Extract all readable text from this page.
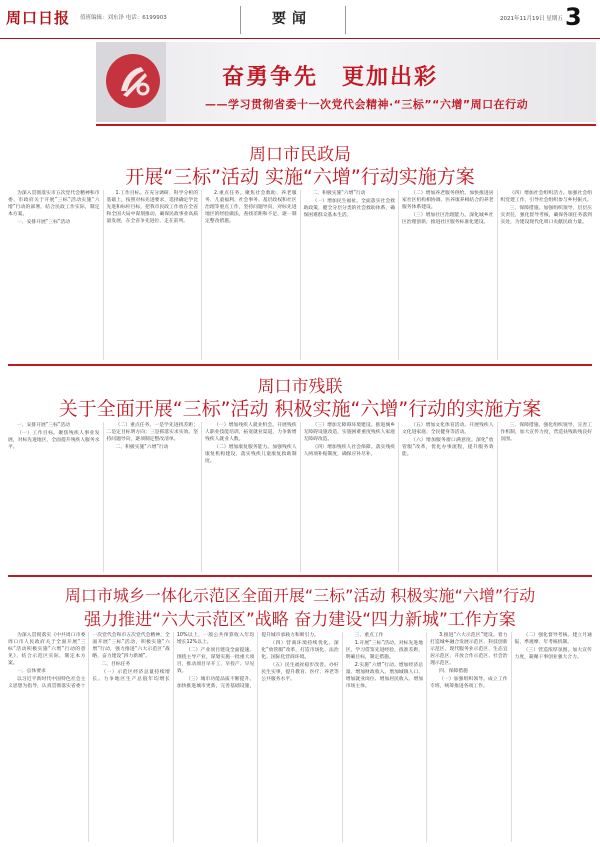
周口日报 值班编辑：刘东泽 电话：6199903	要闻	2021年11月19日 星期五 3
奋勇争先　更加出彩
——学习贯彻省委十一次党代会精神·“三标”“六增”周口在行动
周口市民政局
开展“三标”活动 实施“六增”行动实施方案

为深入贯彻落实市五次党代会精神和市委、市政府关于开展“三标”活动实施“六增”行动的部署，结合民政工作实际，制定本方案。

一、安排开展“三标”活动

1.工作目标。在充分调研、科学分析的基础上，按照对标先进要求，选择确定学比先进和标杆目标，把我市民政工作放在全省和全国大局中谋划推动，确保民政事业高质量发展，在全省争先进位、走在前列。

2.重点任务。聚焦社会救助、养老服务、儿童福利、社会事务、基层政权和社区治理等重点工作，坚持问题导向，对标先进地区的经验做法，查找差距和不足，逐一制定整改措施。

二、积极实施“六增”行动

（一）增加民生福祉。全面落实社会救助政策，健全分层分类的社会救助体系，确保困难群众基本生活。

（二）增加养老服务供给。加快推进居家社区机构相协调、医养康养相结合的养老服务体系建设。

（三）增加社区治理能力。深化城乡社区治理创新，推进社区服务标准化建设。

（四）增加社会组织活力。加强社会组织党建工作，引导社会组织参与乡村振兴。

三、保障措施。加强组织领导，层层压实责任，强化督导考核，确保各项任务落到实处，为建设现代化周口贡献民政力量。

周口市残联
关于全面开展“三标”活动 积极实施“六增”行动的实施方案

一、安排开展“三标”活动

（一）工作目标。聚焦残疾人事业发展，对标先进地区，全面提升残疾人服务水平。

（二）重点任务。一是学先进找差距；二是定目标明方向；三是抓落实求实效。坚持问题导向，逐项制定整改清单。

二、积极实施“六增”行动

（一）增加残疾人就业机会。开展残疾人职业技能培训，拓宽就业渠道，力争新增残疾人就业人数。

（二）增加康复服务能力。加强残疾人康复机构建设，落实残疾儿童康复救助制度。

（三）增加无障碍环境建设。推进城乡无障碍设施改造，实施困难重度残疾人家庭无障碍改造。

（四）增加残疾人社会保障。落实残疾人两项补贴制度，确保应补尽补。

（五）增加文化体育活动。开展残疾人文化进家庭、全民健身等活动。

（六）增加服务窗口满意度。深化“放管服”改革，优化办事流程，提升服务效能。

三、保障措施。强化组织领导，完善工作机制，加大宣传力度，营造扶残助残良好氛围。

周口市城乡一体化示范区全面开展“三标”活动 积极实施“六增”行动
强力推进“六大示范区”战略 奋力建设“四力新城”工作方案

为深入贯彻落实《中共周口市委周口市人民政府关于全面开展“三标”活动积极实施“六增”行动的意见》，结合示范区实际，制定本方案。

一、总体要求

以习近平新时代中国特色社会主义思想为指导，认真贯彻落实省委十一次党代会和市五次党代会精神，全面开展“三标”活动，积极实施“六增”行动，强力推进“六大示范区”战略，奋力建设“四力新城”。

二、目标任务

（一）示范区经济总量持续增长。力争地区生产总值年均增长10%以上，一般公共预算收入年均增长12%以上。

（二）产业项目建设全面提速。围绕主导产业，谋划实施一批重大项目，推动项目早开工、早投产、早见效。

（三）城市功能品质不断提升。加快推进城市更新，完善基础设施，提升城市承载力和吸引力。

（四）营商环境持续优化。深化“放管服”改革，打造市场化、法治化、国际化营商环境。

（五）民生福祉稳步改善。办好民生实事，提升教育、医疗、养老等公共服务水平。

三、重点工作

1.开展“三标”活动。对标先进地区，学习借鉴先进经验，找准差距，明确目标，制定措施。

2.实施“六增”行动。增加经济总量、增加财政收入、增加城镇人口、增加就业岗位、增加居民收入、增加市场主体。

3.推进“六大示范区”建设。着力打造城乡融合发展示范区、科技创新示范区、现代服务业示范区、生态宜居示范区、开放合作示范区、社会治理示范区。

四、保障措施

（一）加强组织领导。成立工作专班，统筹推进各项工作。

（二）强化督导考核。建立月通报、季观摩、年考核机制。

（三）营造浓厚氛围。加大宣传力度，凝聚干事创业强大合力。
